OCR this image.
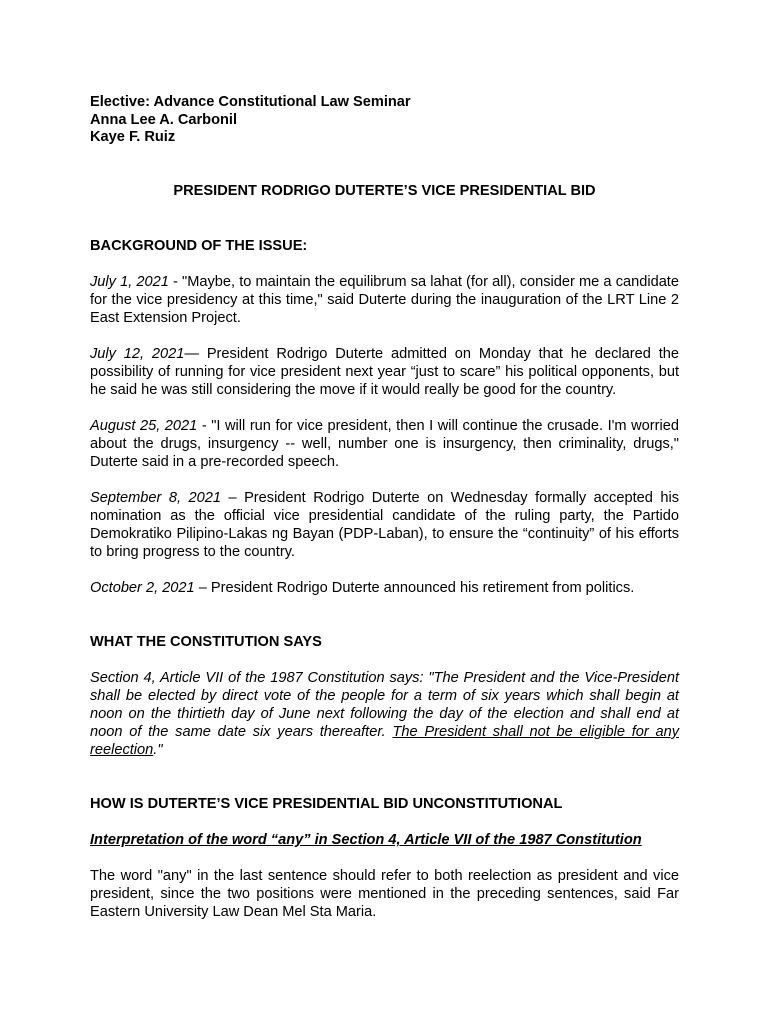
Elective: Advance Constitutional Law Seminar

Anna Lee A. Carbonil

Kaye F. Ruiz

PRESIDENT RODRIGO DUTERTE’S VICE PRESIDENTIAL BID

BACKGROUND OF THE ISSUE:

July 1, 2021 - "Maybe, to maintain the equilibrum sa lahat (for all), consider me a candidate for the vice presidency at this time," said Duterte during the inauguration of the LRT Line 2 East Extension Project.

July 12, 2021— President Rodrigo Duterte admitted on Monday that he declared the possibility of running for vice president next year “just to scare” his political opponents, but he said he was still considering the move if it would really be good for the country.

August 25, 2021 - "I will run for vice president, then I will continue the crusade. I'm worried about the drugs, insurgency -- well, number one is insurgency, then criminality, drugs," Duterte said in a pre-recorded speech.

September 8, 2021 – President Rodrigo Duterte on Wednesday formally accepted his nomination as the official vice presidential candidate of the ruling party, the Partido Demokratiko Pilipino-Lakas ng Bayan (PDP-Laban), to ensure the “continuity” of his efforts to bring progress to the country.

October 2, 2021 – President Rodrigo Duterte announced his retirement from politics.

WHAT THE CONSTITUTION SAYS

Section 4, Article VII of the 1987 Constitution says: "The President and the Vice-President shall be elected by direct vote of the people for a term of six years which shall begin at noon on the thirtieth day of June next following the day of the election and shall end at noon of the same date six years thereafter. The President shall not be eligible for any reelection."

HOW IS DUTERTE’S VICE PRESIDENTIAL BID UNCONSTITUTIONAL

Interpretation of the word “any” in Section 4, Article VII of the 1987 Constitution

The word "any" in the last sentence should refer to both reelection as president and vice president, since the two positions were mentioned in the preceding sentences, said Far Eastern University Law Dean Mel Sta Maria.
